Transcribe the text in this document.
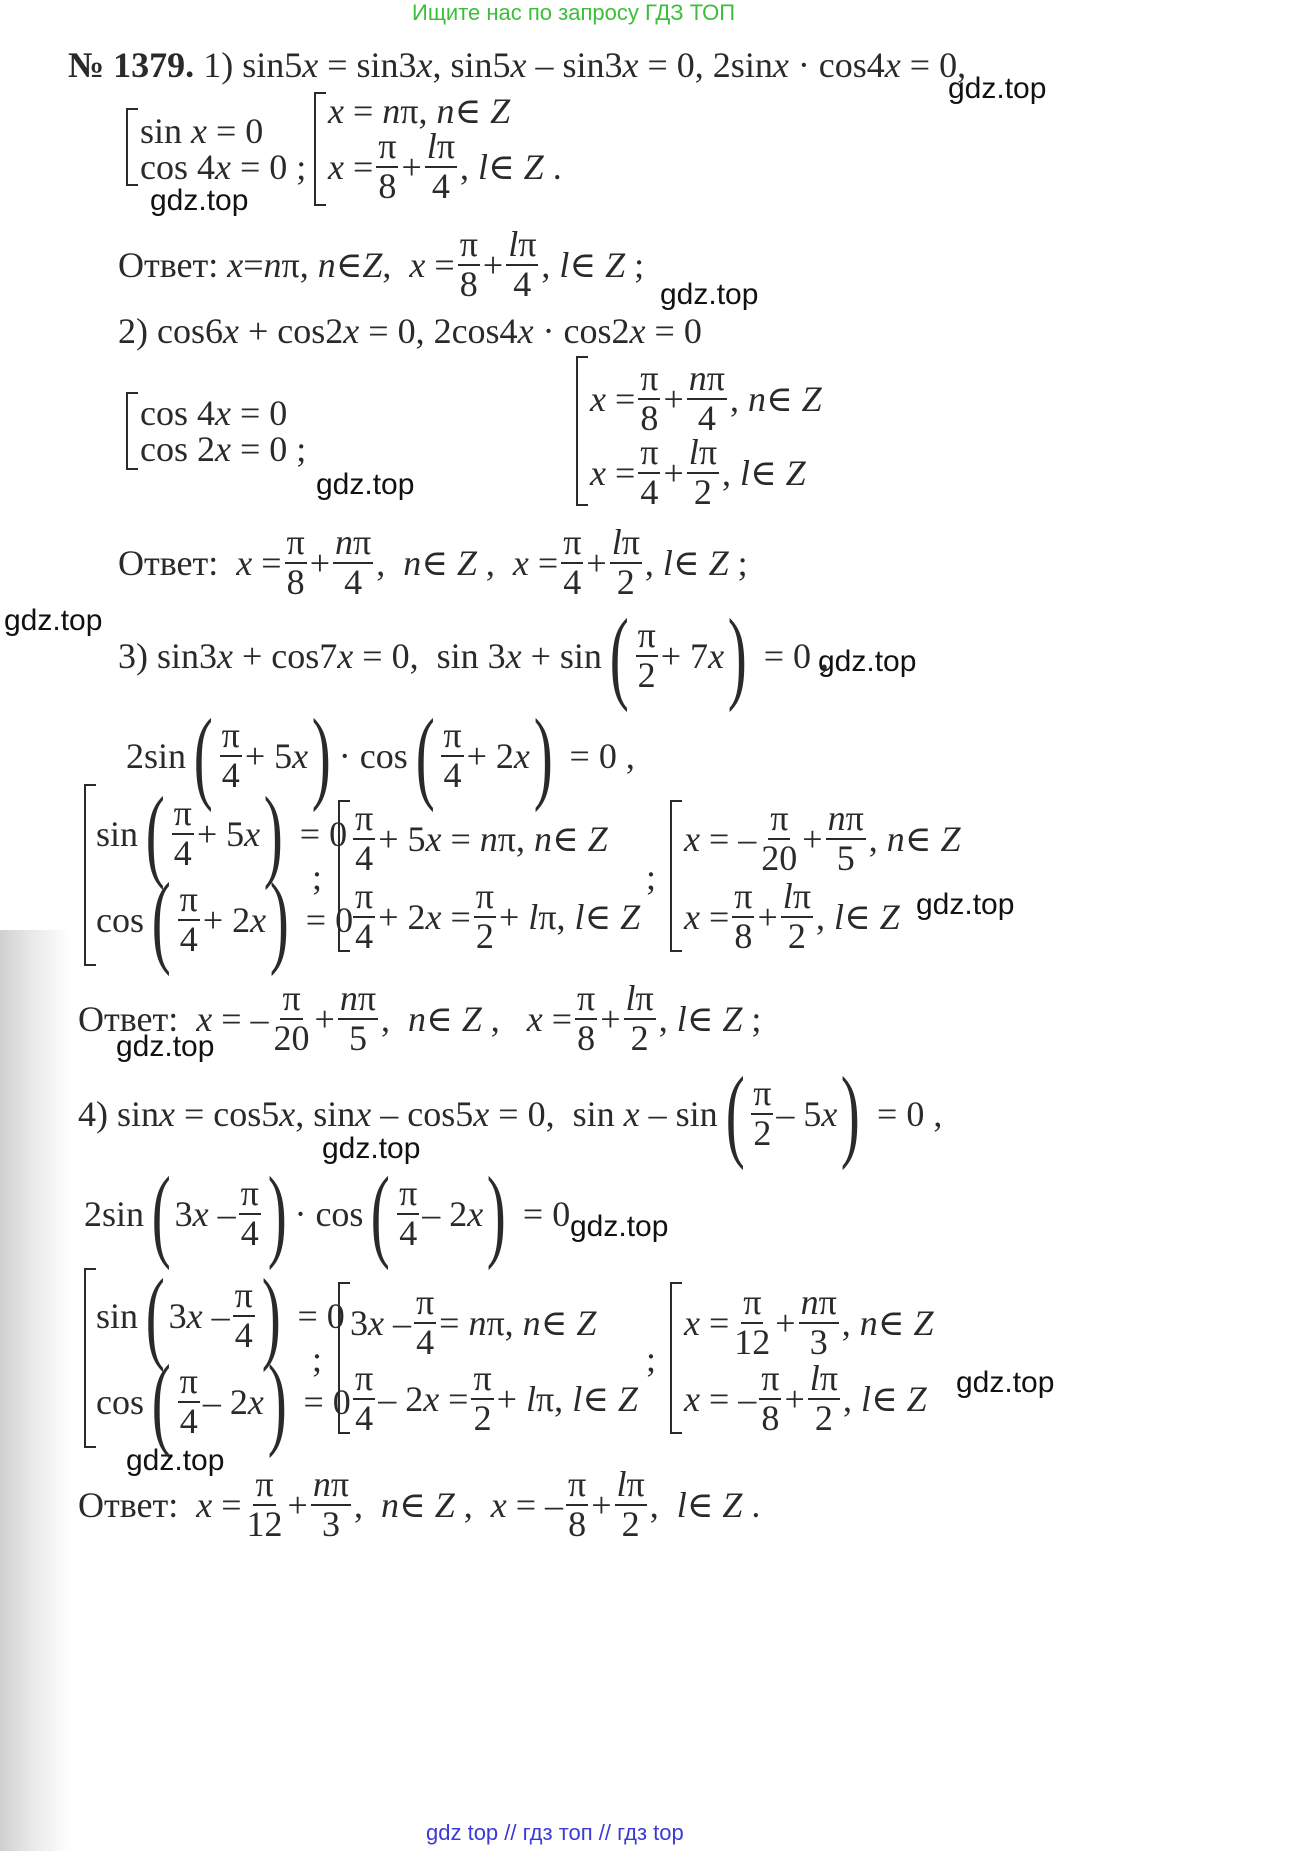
Ищите нас по запросу ГДЗ ТОП
gdz top // гдз топ // гдз top
gdz.top
gdz.top
gdz.top
gdz.top
gdz.top
gdz.top
gdz.top
gdz.top
gdz.top
gdz.top
gdz.top
gdz.top
№ 1379.
1) sin5 x = sin3 x , sin5 x – sin3 x = 0, 2sin x · cos4 x = 0,
sin x = 0
cos 4 x = 0 ;
x = n π, n ∈ Z
x =
π
8 +
lπ
4 , l ∈ Z .
Ответ:
x = n π, n ∈ Z , x =
π
8 +
lπ
4 , l ∈ Z ;
2) cos6 x + cos2 x = 0, 2cos4 x · cos2 x = 0
cos 4 x = 0
cos 2 x = 0 ;
x =
π
8 +
nπ
4 , n ∈ Z
x =
π
4 +
lπ
2 , l ∈ Z
Ответ:
x =
π
8 +
nπ
4 , n ∈ Z , x =
π
4 +
lπ
2 , l ∈ Z ;
3) sin3 x + cos7 x = 0,  sin 3 x + sin
( π
2 + 7 x
) = 0 ,
2sin
( π
4 + 5 x
) · cos
( π
4 + 2 x
) = 0 ,
sin
( π
4 + 5 x
) = 0
cos
( π
4 + 2 x
) = 0
;
π
4 + 5 x = n π, n ∈ Z
π
4 + 2 x =
π
2 + l π, l ∈ Z
;
x = –
π
20 +
nπ
5 , n ∈ Z
x =
π
8 +
lπ
2 , l ∈ Z
Ответ:
x = –
π
20 +
nπ
5 , n ∈ Z , x =
π
8 +
lπ
2 , l ∈ Z ;
4) sin x = cos5 x , sin x – cos5 x = 0,  sin x – sin
( π
2 – 5 x
) = 0 ,
2sin ( 3 x –
π
4
) · cos
( π
4 – 2 x
) = 0
sin ( 3 x –
π
4
) = 0
cos
( π
4 – 2 x
) = 0
;
3 x –
π
4 = n π, n ∈ Z
π
4 – 2 x =
π
2 + l π, l ∈ Z
;
x =
π
12 +
nπ
3 , n ∈ Z
x = –
π
8 +
lπ
2 , l ∈ Z
Ответ:
x =
π
12 +
nπ
3 , n ∈ Z , x = –
π
8 +
lπ
2 , l ∈ Z .
